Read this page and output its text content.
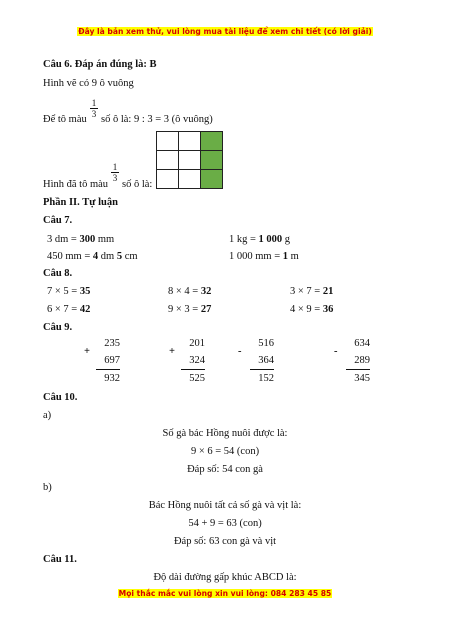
Đây là bản xem thử, vui lòng mua tài liệu để xem chi tiết (có lời giải)
Câu 6. Đáp án đúng là: B
Hình vẽ có 9 ô vuông
Để tô màu
$\frac{1}{3}$
số ô là: 9 : 3 = 3 (ô vuông)

Hình đã tô màu
$\frac{1}{3}$
số ô là:
Phần II. Tự luận
Câu 7.
3 dm = 300 mm	1 kg = 1 000 g
450 mm = 4 dm 5 cm	1 000 mm = 1 m
Câu 8.
7 × 5 = 35	8 × 4 = 32	3 × 7 = 21
6 × 7 = 42	9 × 3 = 27	4 × 9 = 36
Câu 9.
+
235
697
932
+
201
324
525
-
516
364
152
-
634
289
345
Câu 10.
a)
Số gà bác Hồng nuôi được là:
9 × 6 = 54 (con)
Đáp số: 54 con gà
b)
Bác Hồng nuôi tất cả số gà và vịt là:
54 + 9 = 63 (con)
Đáp số: 63 con gà và vịt
Câu 11.
Độ dài đường gấp khúc ABCD là:
Mọi thắc mắc vui lòng xin vui lòng: 084 283 45 85
